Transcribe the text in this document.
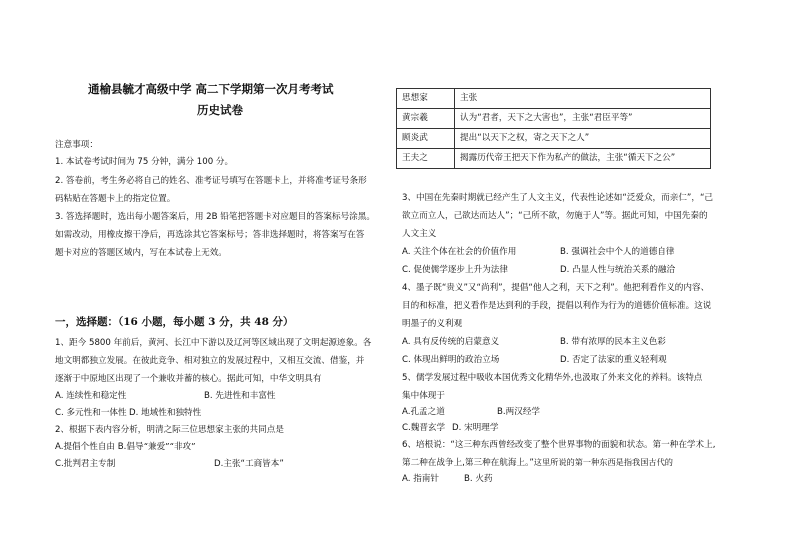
通榆县毓才高级中学 高二下学期第一次月考考试
历史试卷
注意事项：
1. 本试卷考试时间为 75 分钟，满分 100 分。
2. 答卷前，考生务必将自己的姓名、准考证号填写在答题卡上，并将准考证号条形
码粘贴在答题卡上的指定位置。
3. 答选择题时，选出每小题答案后，用 2B 铅笔把答题卡对应题目的答案标号涂黑。
如需改动，用橡皮擦干净后，再选涂其它答案标号；答非选择题时，将答案写在答
题卡对应的答题区域内，写在本试卷上无效。
一，选择题：（16 小题，每小题 3 分，共 48 分）
1、距今 5800 年前后，黄河、长江中下游以及辽河等区域出现了文明起源迹象。各
地文明都独立发展。在彼此竞争、相对独立的发展过程中，又相互交流、借鉴，并
逐渐于中原地区出现了一个兼收并蓄的核心。据此可知，中华文明具有
A. 连续性和稳定性	B. 先进性和丰富性
C. 多元性和一体性 D. 地域性和独特性
2、根据下表内容分析，明清之际三位思想家主张的共同点是
A.提倡个性自由 B.倡导“兼爱”“非攻”
C.批判君主专制	D.主张“工商皆本”
思想家	主张
黄宗羲	认为“君者，天下之大害也”，主张“君臣平等”
顾炎武	提出“以天下之权，寄之天下之人”
王夫之	揭露历代帝王把天下作为私产的做法，主张“循天下之公”
3、中国在先秦时期就已经产生了人文主义，代表性论述如“泛爱众，而亲仁”，“己
欲立而立人，己欲达而达人”；“己所不欲，勿施于人”等。据此可知，中国先秦的
人文主义
A. 关注个体在社会的价值作用	B. 强调社会中个人的道德自律
C. 促使儒学逐步上升为法律	D. 凸显人性与统治关系的融洽
4、墨子既“贵义”又“尚利”，提倡“他人之利，天下之利”。他把利看作义的内容、
目的和标准，把义看作是达到利的手段，提倡以利作为行为的道德价值标准。这说
明墨子的义利观
A. 具有反传统的启蒙意义	B. 带有浓厚的民本主义色彩
C. 体现出鲜明的政治立场	D. 否定了法家的重义轻利观
5、儒学发展过程中吸收本国优秀文化精华外,也汲取了外来文化的养料。该特点
集中体现于
A.孔孟之道	B.两汉经学
C.魏晋玄学 D. 宋明理学
6、培根说：“这三种东西曾经改变了整个世界事物的面貌和状态。第一种在学术上,
第二种在战争上,第三种在航海上。”这里所说的第一种东西是指我国古代的
A. 指南针	B. 火药
